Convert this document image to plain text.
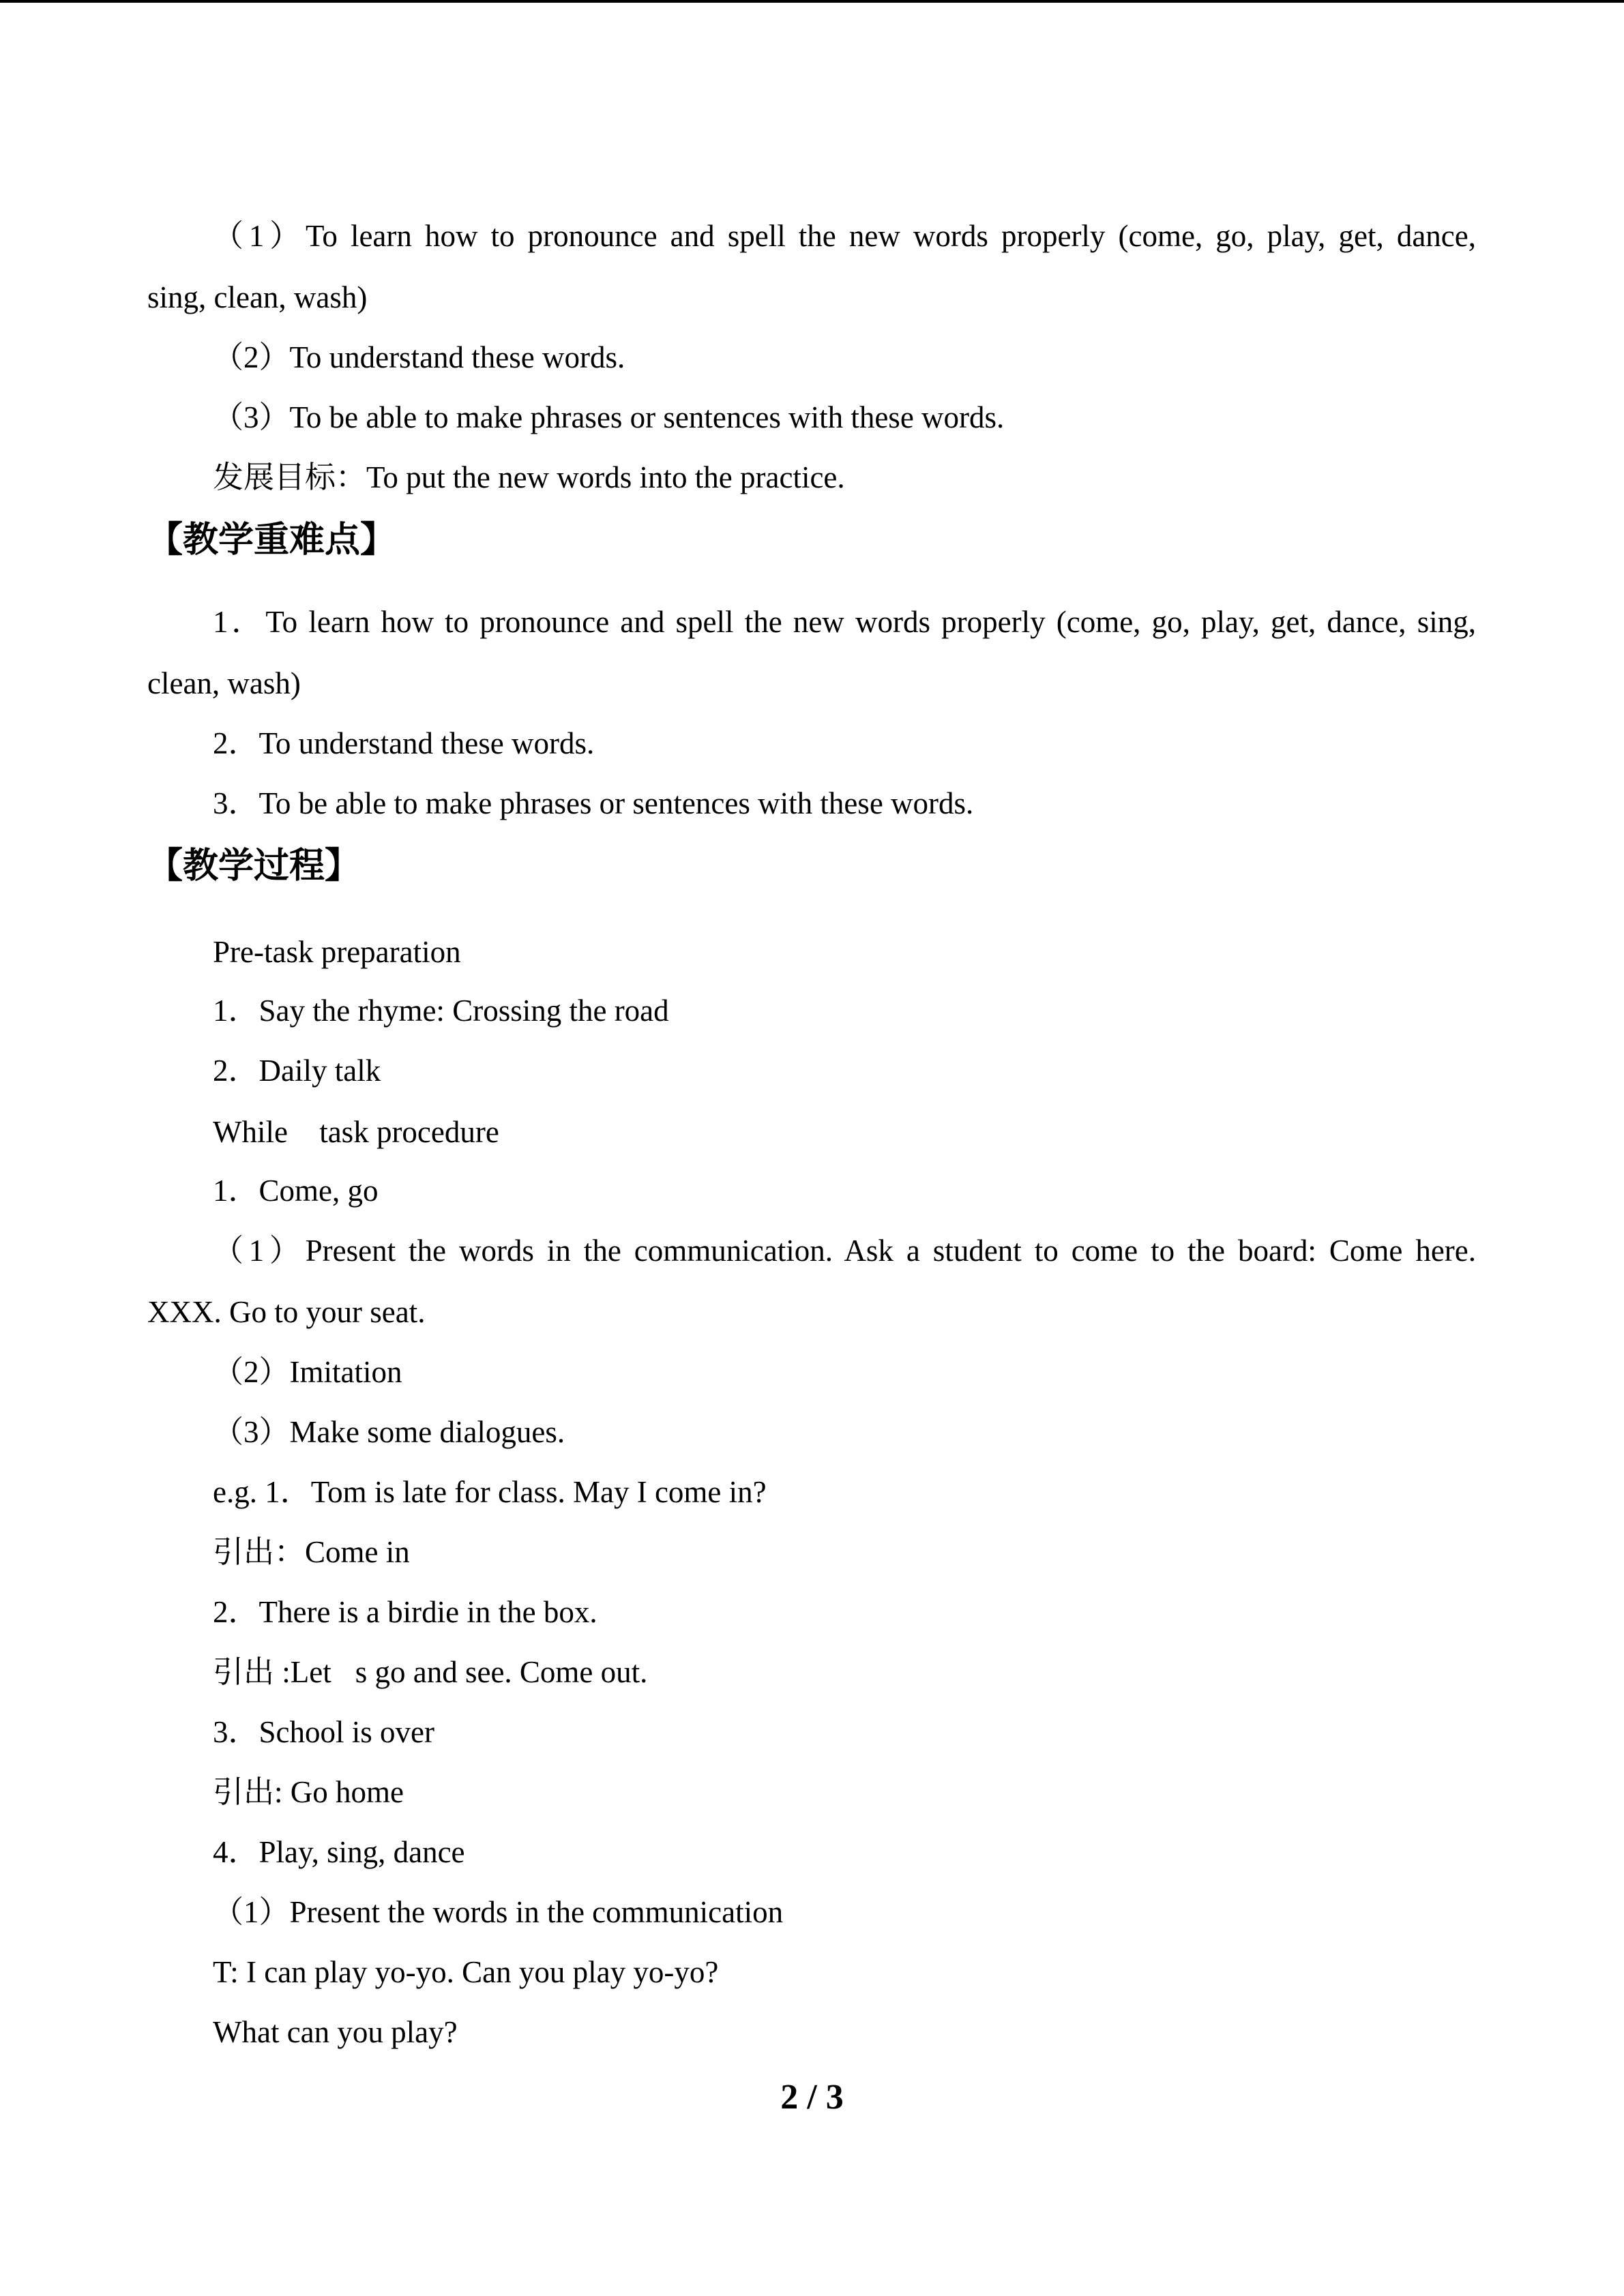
（1）To learn how to pronounce and spell the new words properly (come, go, play, get, dance,
sing, clean, wash)
（2）To understand these words.
（3）To be able to make phrases or sentences with these words.
发展目标：To put the new words into the practice.
【教学重难点】
1．To learn how to pronounce and spell the new words properly (come, go, play, get, dance, sing,
clean, wash)
2．To understand these words.
3．To be able to make phrases or sentences with these words.
【教学过程】
Pre-task preparation
1．Say the rhyme: Crossing the road
2．Daily talk
While  task procedure
1．Come, go
（1）Present the words in the communication. Ask a student to come to the board: Come here.
XXX. Go to your seat.
（2）Imitation
（3）Make some dialogues.
e.g. 1．Tom is late for class. May I come in?
引出：Come in
2．There is a birdie in the box.
引出 :Let s go and see. Come out.
3．School is over
引出: Go home
4．Play, sing, dance
（1）Present the words in the communication
T: I can play yo-yo. Can you play yo-yo?
What can you play?
2 / 3
